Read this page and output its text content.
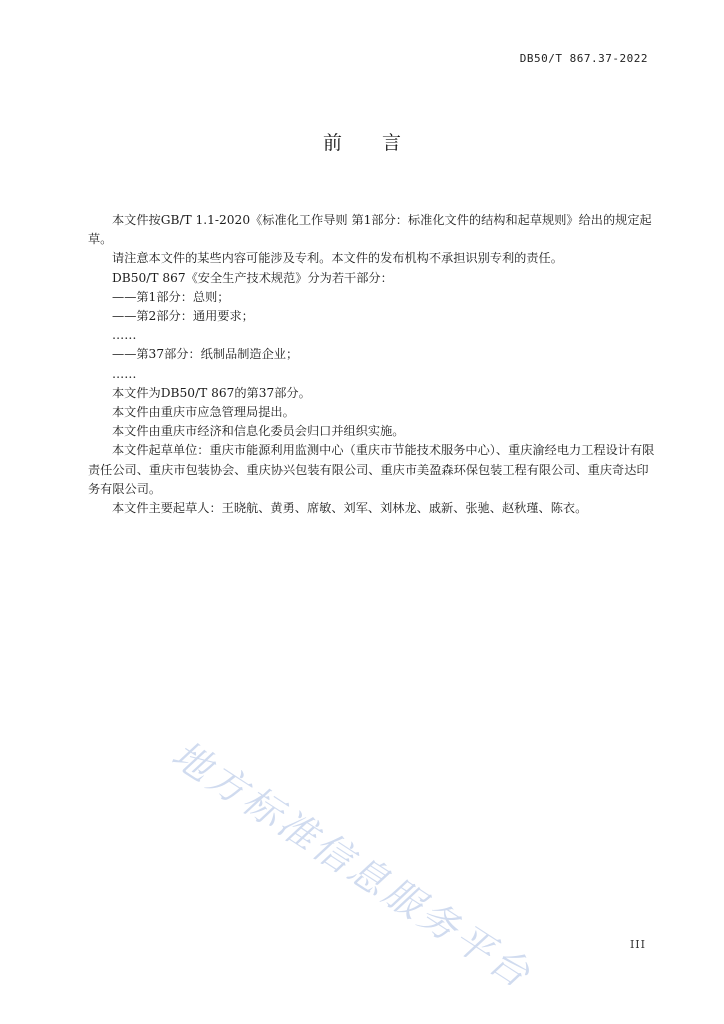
DB50/T 867.37-2022
前言

本文件按GB/T 1.1-2020《标准化工作导则 第1部分：标准化文件的结构和起草规则》给出的规定起草。

请注意本文件的某些内容可能涉及专利。本文件的发布机构不承担识别专利的责任。

DB50/T 867《安全生产技术规范》分为若干部分：

——第1部分：总则；

——第2部分：通用要求；

……

——第37部分：纸制品制造企业；

……

本文件为DB50/T 867的第37部分。

本文件由重庆市应急管理局提出。

本文件由重庆市经济和信息化委员会归口并组织实施。

本文件起草单位：重庆市能源利用监测中心（重庆市节能技术服务中心）、重庆渝经电力工程设计有限责任公司、重庆市包装协会、重庆协兴包装有限公司、重庆市美盈森环保包装工程有限公司、重庆奇达印务有限公司。

本文件主要起草人：王晓航、黄勇、席敏、刘军、刘林龙、戚新、张驰、赵秋瑾、陈衣。

地方标准信息服务平台	III
